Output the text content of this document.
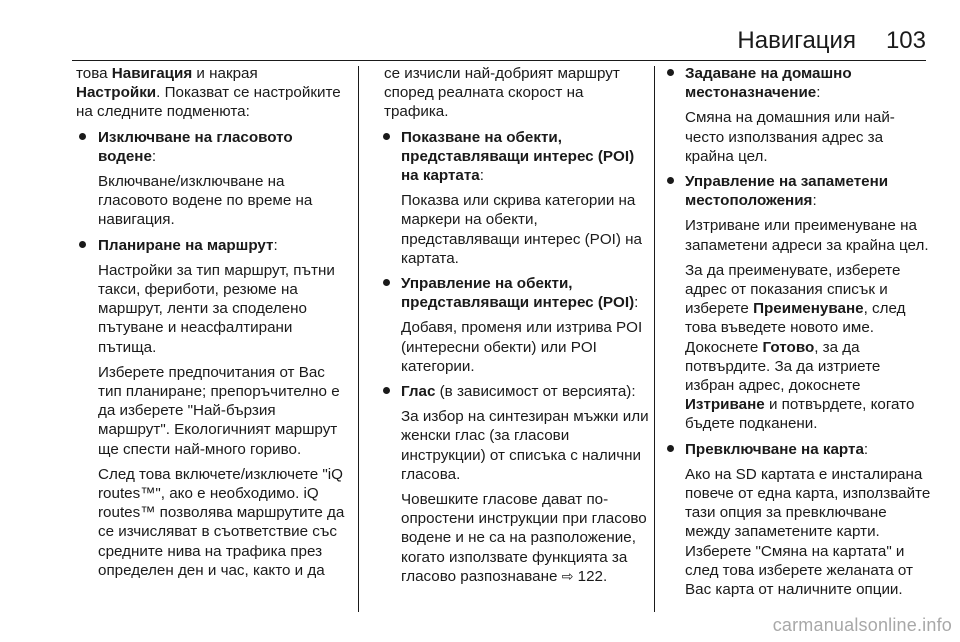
Навигация 103

това Навигация и накрая
Настройки. Показват се настройките на следните подменюта:

Изключване на гласовото водене:

Включване/изключване на гласовото водене по време на навигация.

Планиране на маршрут:

Настройки за тип маршрут, пътни такси, фериботи, резюме на маршрут, ленти за споделено пътуване и неасфалтирани пътища.

Изберете предпочитания от Вас тип планиране; препоръчително е да изберете "Най-бързия маршрут". Екологичният маршрут ще спести най-много гориво.

След това включете/изключете "iQ routes™", ако е необходимо. iQ routes™ позволява маршрутите да се изчисляват в съответствие със средните нива на трафика през определен ден и час, както и да

се изчисли най-добрият маршрут според реалната скорост на трафика.

Показване на обекти, представляващи интерес (POI) на картата:

Показва или скрива категории на маркери на обекти, представляващи интерес (POI) на картата.

Управление на обекти, представляващи интерес (POI):

Добавя, променя или изтрива POI (интересни обекти) или POI категории.

Глас (в зависимост от версията):

За избор на синтезиран мъжки или женски глас (за гласови инструкции) от списъка с налични гласова.

Човешките гласове дават по-опростени инструкции при гласово водене и не са на разположение, когато използвате функцията за гласово разпознаване ⇨ 122.

Задаване на домашно местоназначение:

Смяна на домашния или най-често използвания адрес за крайна цел.

Управление на запаметени местоположения:

Изтриване или преименуване на запаметени адреси за крайна цел.

За да преименувате, изберете адрес от показания списък и изберете Преименуване, след това въведете новото име. Докоснете Готово, за да потвърдите. За да изтриете избран адрес, докоснете Изтриване и потвърдете, когато бъдете подканени.

Превключване на карта:

Ако на SD картата е инсталирана повече от една карта, използвайте тази опция за превключване между запаметените карти. Изберете "Смяна на картата" и след това изберете желаната от Вас карта от наличните опции.

carmanualsonline.info
